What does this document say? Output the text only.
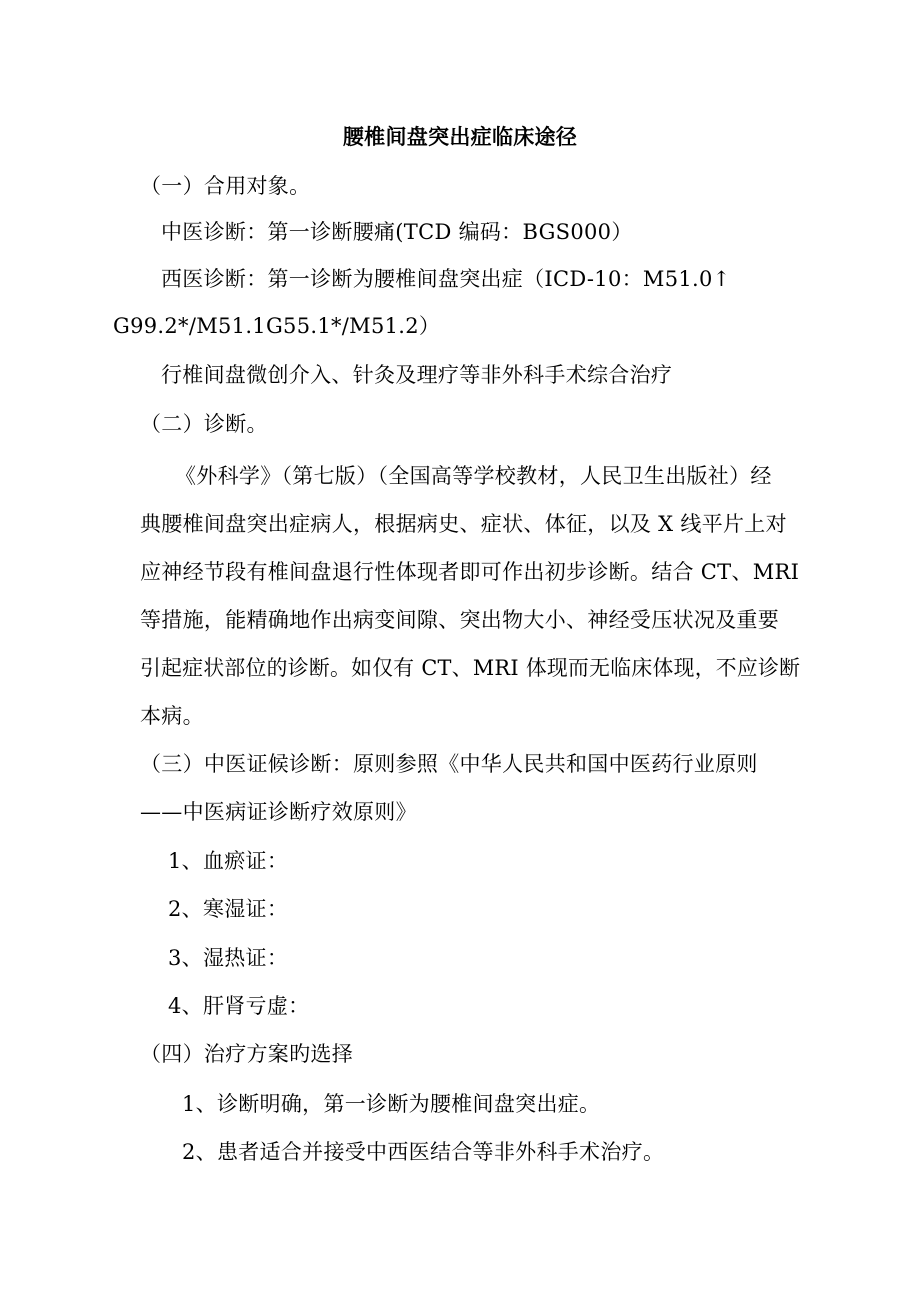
腰椎间盘突出症临床途径
（一）合用对象。
中医诊断：第一诊断腰痛(TCD 编码：BGS000）
西医诊断：第一诊断为腰椎间盘突出症（ICD-10：M51.0↑
G99.2*/M51.1G55.1*/M51.2）
行椎间盘微创介入、针灸及理疗等非外科手术综合治疗
（二）诊断。
《外科学》（第七版）（全国高等学校教材，人民卫生出版社）经
典腰椎间盘突出症病人，根据病史、症状、体征，以及 X 线平片上对
应神经节段有椎间盘退行性体现者即可作出初步诊断。结合 CT、MRI
等措施，能精确地作出病变间隙、突出物大小、神经受压状况及重要
引起症状部位的诊断。如仅有 CT、MRI 体现而无临床体现，不应诊断
本病。
（三）中医证候诊断：原则参照《中华人民共和国中医药行业原则
——中医病证诊断疗效原则》
1、血瘀证：
2、寒湿证：
3、湿热证：
4、肝肾亏虚：
（四）治疗方案旳选择
1、诊断明确，第一诊断为腰椎间盘突出症。
2、患者适合并接受中西医结合等非外科手术治疗。
